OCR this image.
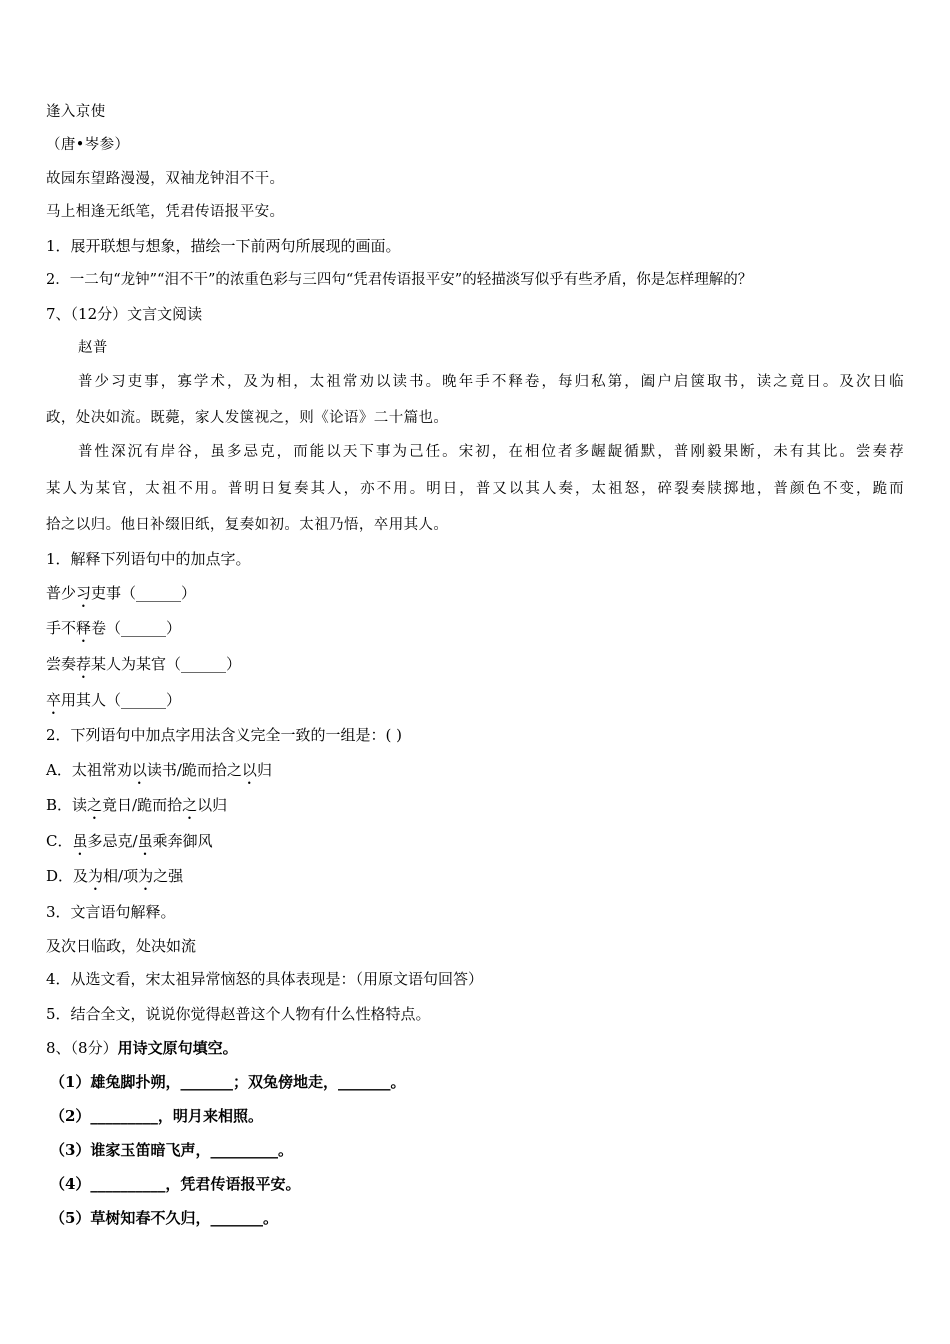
逢入京使
（唐•岑参）
故园东望路漫漫，双袖龙钟泪不干。
马上相逢无纸笔，凭君传语报平安。
1．展开联想与想象，描绘一下前两句所展现的画面。
2．一二句“龙钟”“泪不干”的浓重色彩与三四句“凭君传语报平安”的轻描淡写似乎有些矛盾，你是怎样理解的？
7、（12分）文言文阅读
赵普
普少习吏事，寡学术，及为相，太祖常劝以读书。晚年手不释卷，每归私第，阖户启箧取书，读之竟日。及次日临
政，处决如流。既薨，家人发箧视之，则《论语》二十篇也。
普性深沉有岸谷，虽多忌克，而能以天下事为己任。宋初，在相位者多龌龊循默，普刚毅果断，未有其比。尝奏荐
某人为某官，太祖不用。普明日复奏其人，亦不用。明日，普又以其人奏，太祖怒，碎裂奏牍掷地，普颜色不变，跪而
拾之以归。他日补缀旧纸，复奏如初。太祖乃悟，卒用其人。
1．解释下列语句中的加点字。
普少习吏事（______）
手不释卷（______）
尝奏荐某人为某官（______）
卒用其人（______）
2．下列语句中加点字用法含义完全一致的一组是：( )
A．太祖常劝以读书/跪而拾之以归
B．读之竟日/跪而拾之以归
C．虽多忌克/虽乘奔御风
D．及为相/项为之强
3．文言语句解释。
及次日临政，处决如流
4．从选文看，宋太祖异常恼怒的具体表现是：（用原文语句回答）
5．结合全文，说说你觉得赵普这个人物有什么性格特点。
8、（8分）用诗文原句填空。
（1）雄兔脚扑朔，_______；双兔傍地走，_______。
（2）_________，明月来相照。
（3）谁家玉笛暗飞声，_________。
（4）__________，凭君传语报平安。
（5）草树知春不久归，_______。
